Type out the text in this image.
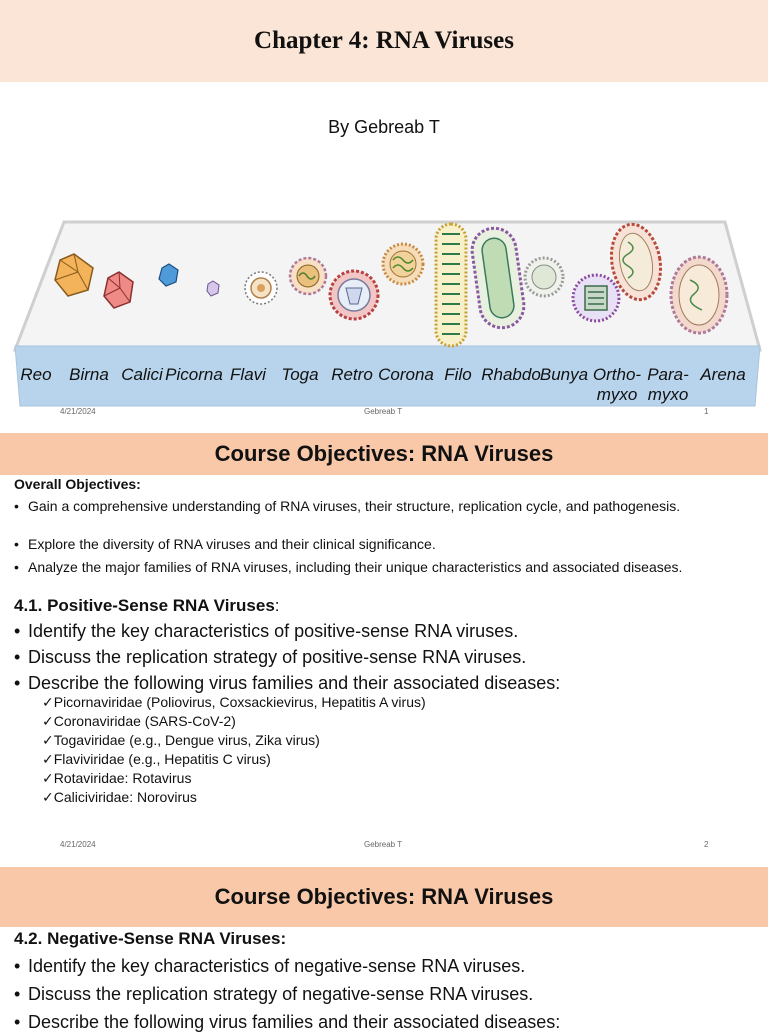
Chapter 4: RNA Viruses
By Gebreab T
Reo Birna Calici Picorna Flavi Toga Retro Corona Filo Rhabdo Bunya Ortho-
myxo
Para-
myxo
Arena
4/21/2024	Gebreab T	1
Course Objectives: RNA Viruses
Overall Objectives:
• Gain a comprehensive understanding of RNA viruses, their structure, replication cycle, and pathogenesis.
• Explore the diversity of RNA viruses and their clinical significance.
• Analyze the major families of RNA viruses, including their unique characteristics and associated diseases.
4.1. Positive-Sense RNA Viruses:
• Identify the key characteristics of positive-sense RNA viruses.
• Discuss the replication strategy of positive-sense RNA viruses.
• Describe the following virus families and their associated diseases:
✓ Picornaviridae (Poliovirus, Coxsackievirus, Hepatitis A virus)
✓ Coronaviridae (SARS-CoV-2)
✓ Togaviridae (e.g., Dengue virus, Zika virus)
✓ Flaviviridae (e.g., Hepatitis C virus)
✓ Rotaviridae: Rotavirus
✓ Caliciviridae: Norovirus
4/21/2024	Gebreab T	2
Course Objectives: RNA Viruses
4.2. Negative-Sense RNA Viruses:
• Identify the key characteristics of negative-sense RNA viruses.
• Discuss the replication strategy of negative-sense RNA viruses.
• Describe the following virus families and their associated diseases:
